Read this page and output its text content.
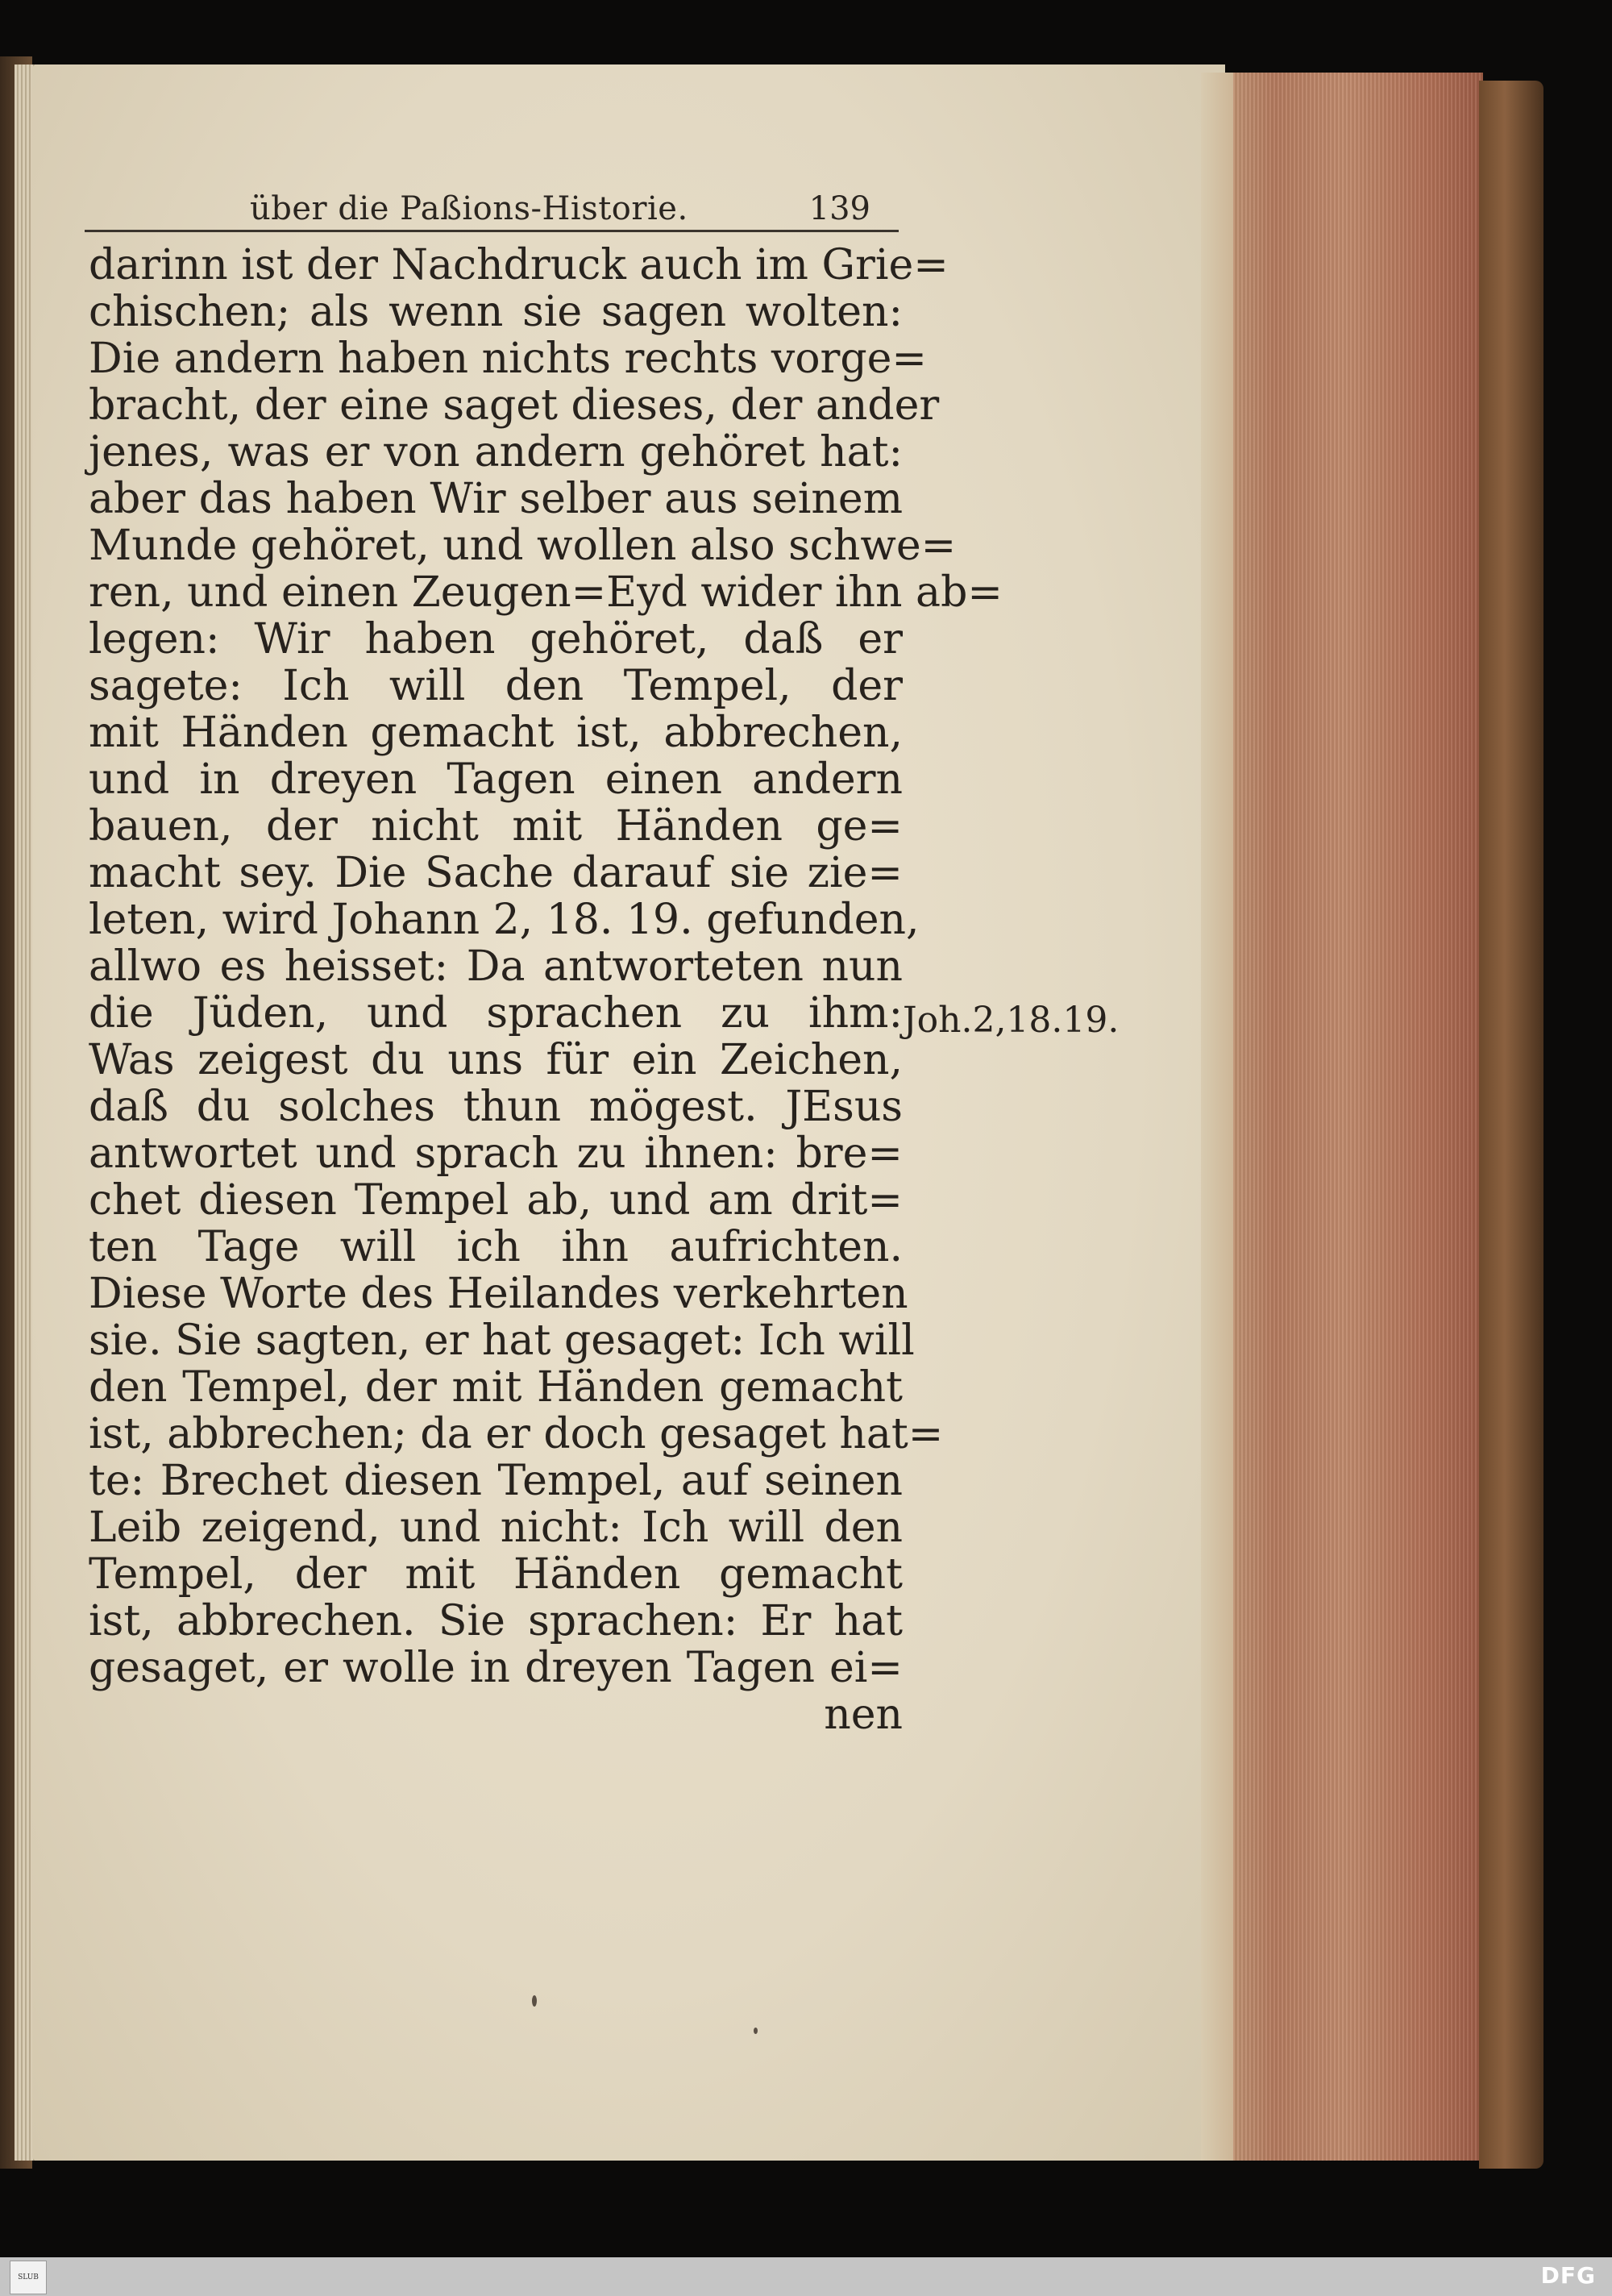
über die Paßions-Historie.	139
darinn ist der Nachdruck auch im Grie=
chischen; als wenn sie sagen wolten:
Die andern haben nichts rechts vorge=
bracht, der eine saget dieses, der ander
jenes, was er von andern gehöret hat:
aber das haben Wir selber aus seinem
Munde gehöret, und wollen also schwe=
ren, und einen Zeugen=Eyd wider ihn ab=
legen: Wir haben gehöret, daß er
sagete: Ich will den Tempel, der
mit Händen gemacht ist, abbrechen,
und in dreyen Tagen einen andern
bauen, der nicht mit Händen ge=
macht sey. Die Sache darauf sie zie=
leten, wird Johann 2, 18. 19. gefunden,
allwo es heisset: Da antworteten nun
die Jüden, und sprachen zu ihm:
Was zeigest du uns für ein Zeichen,
daß du solches thun mögest. JEsus
antwortet und sprach zu ihnen: bre=
chet diesen Tempel ab, und am drit=
ten Tage will ich ihn aufrichten.
Diese Worte des Heilandes verkehrten
sie. Sie sagten, er hat gesaget: Ich will
den Tempel, der mit Händen gemacht
ist, abbrechen; da er doch gesaget hat=
te: Brechet diesen Tempel, auf seinen
Leib zeigend, und nicht: Ich will den
Tempel, der mit Händen gemacht
ist, abbrechen. Sie sprachen: Er hat
gesaget, er wolle in dreyen Tagen ei=
nen
Joh.2,18.19.
SLUB	DFG
